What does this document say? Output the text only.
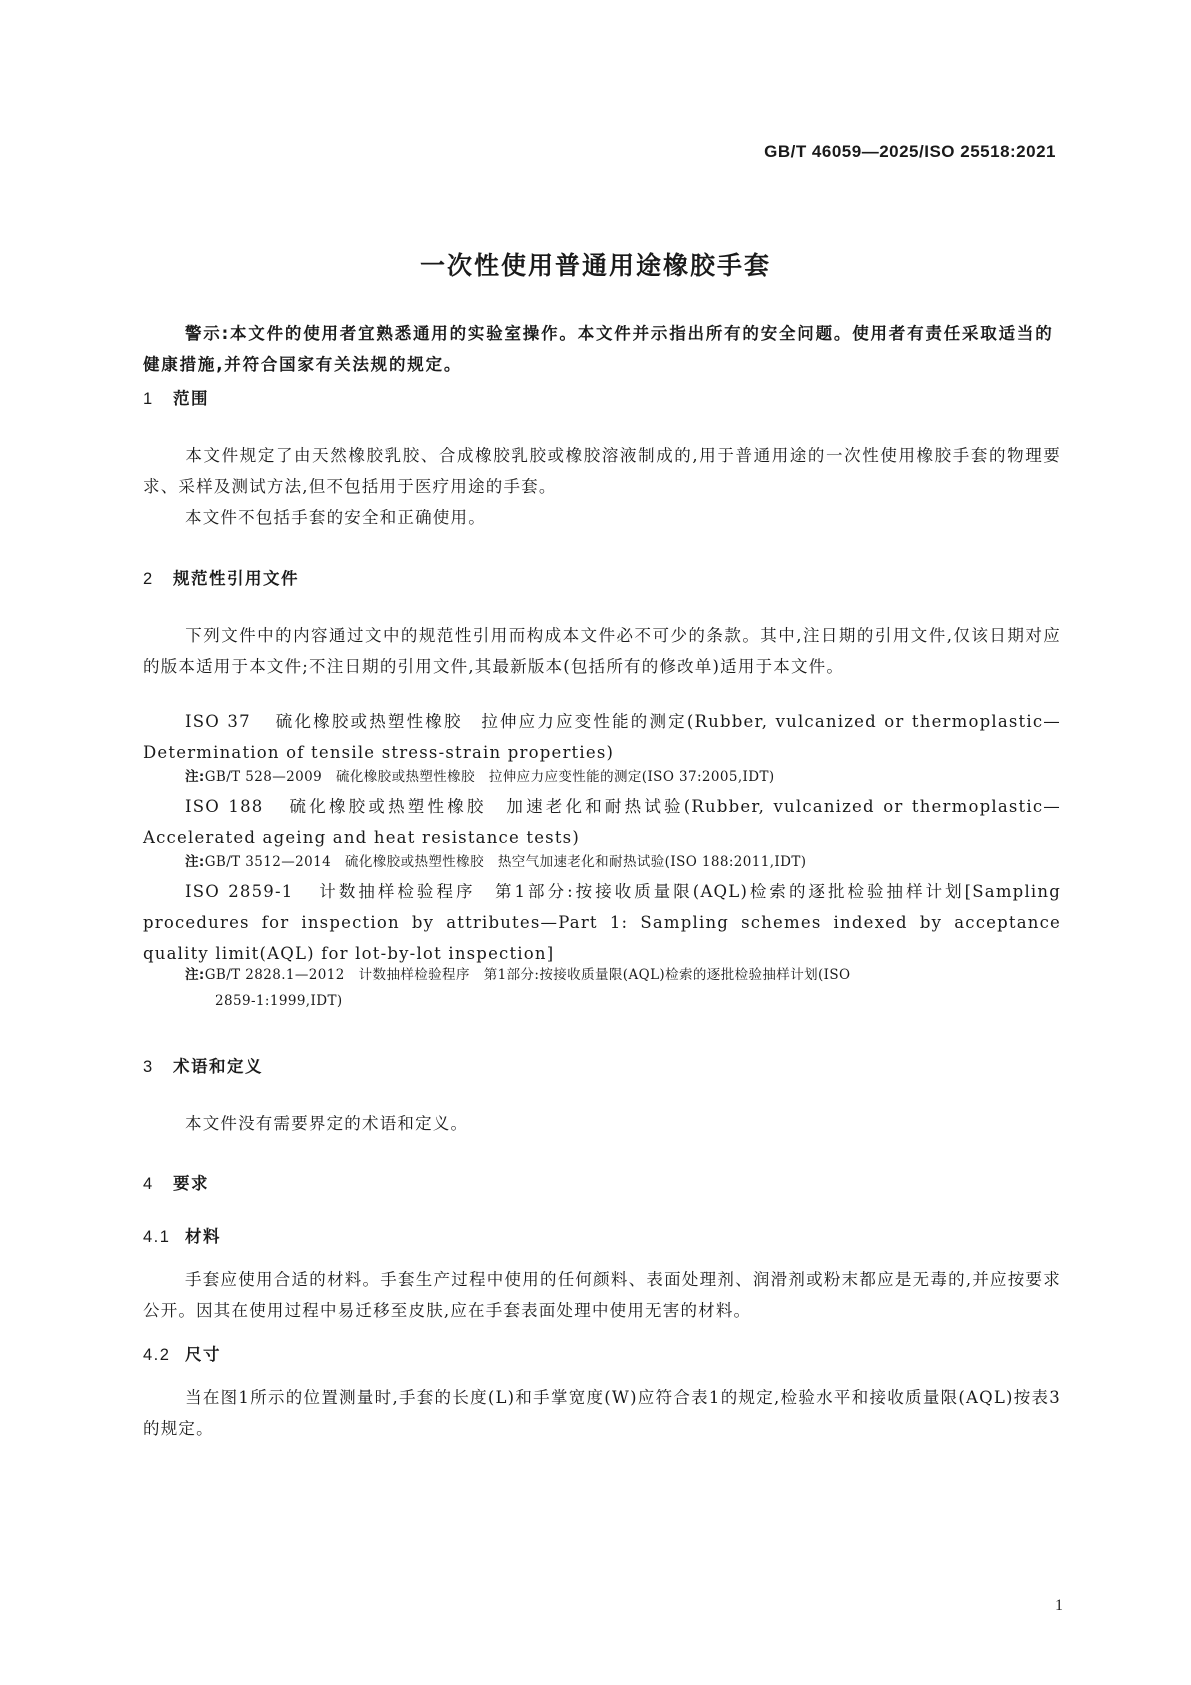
GB/T 46059—2025/ISO 25518:2021
一次性使用普通用途橡胶手套
警示:本文件的使用者宜熟悉通用的实验室操作。本文件并示指出所有的安全问题。使用者有责任采取适当的健康措施,并符合国家有关法规的规定。
1 范围
本文件规定了由天然橡胶乳胶、合成橡胶乳胶或橡胶溶液制成的,用于普通用途的一次性使用橡胶手套的物理要求、采样及测试方法,但不包括用于医疗用途的手套。
本文件不包括手套的安全和正确使用。
2 规范性引用文件
下列文件中的内容通过文中的规范性引用而构成本文件必不可少的条款。其中,注日期的引用文件,仅该日期对应的版本适用于本文件;不注日期的引用文件,其最新版本(包括所有的修改单)适用于本文件。
ISO 37 硫化橡胶或热塑性橡胶　拉伸应力应变性能的测定(Rubber, vulcanized or thermoplastic—Determination of tensile stress-strain properties)
注:GB/T 528—2009　硫化橡胶或热塑性橡胶　拉伸应力应变性能的测定(ISO 37:2005,IDT)
ISO 188 硫化橡胶或热塑性橡胶　加速老化和耐热试验(Rubber, vulcanized or thermoplastic—Accelerated ageing and heat resistance tests)
注:GB/T 3512—2014　硫化橡胶或热塑性橡胶　热空气加速老化和耐热试验(ISO 188:2011,IDT)
ISO 2859-1 计数抽样检验程序　第1部分:按接收质量限(AQL)检索的逐批检验抽样计划[Sampling procedures for inspection by attributes—Part 1: Sampling schemes indexed by acceptance quality limit(AQL) for lot-by-lot inspection]
注:GB/T 2828.1—2012　计数抽样检验程序　第1部分:按接收质量限(AQL)检索的逐批检验抽样计划(ISO
2859-1:1999,IDT)
3 术语和定义
本文件没有需要界定的术语和定义。
4 要求
4.1 材料
手套应使用合适的材料。手套生产过程中使用的任何颜料、表面处理剂、润滑剂或粉末都应是无毒的,并应按要求公开。因其在使用过程中易迁移至皮肤,应在手套表面处理中使用无害的材料。
4.2 尺寸
当在图1所示的位置测量时,手套的长度(L)和手掌宽度(W)应符合表1的规定,检验水平和接收质量限(AQL)按表3的规定。
1
